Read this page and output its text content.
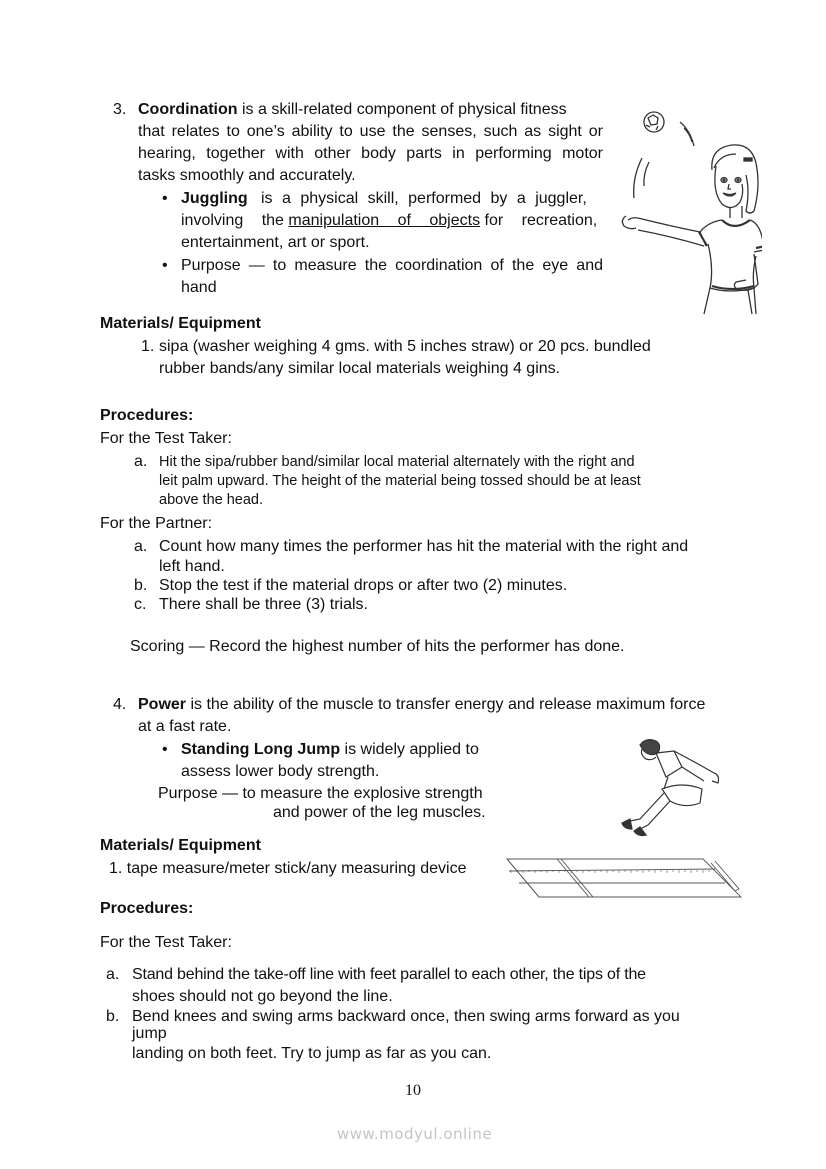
3. Coordination is a skill-related component of physical fitness
that relates to one’s ability to use the senses, such as sight or
hearing, together with other body parts in performing motor
tasks smoothly and accurately.
• Juggling is a physical skill, performed by a juggler,
involving the manipulation of objects for recreation,
entertainment, art or sport.
• Purpose — to measure the coordination of the eye and
hand
Materials/ Equipment
1. sipa (washer weighing 4 gms. with 5 inches straw) or 20 pcs. bundled
rubber bands/any similar local materials weighing 4 gins.
Procedures:
For the Test Taker:
a. Hit the sipa/rubber band/similar local material alternately with the right and
leit palm upward. The height of the material being tossed should be at least
above the head.
For the Partner:
a. Count how many times the performer has hit the material with the right and
left hand.
b. Stop the test if the material drops or after two (2) minutes.
c. There shall be three (3) trials.
Scoring — Record the highest number of hits the performer has done.
4. Power is the ability of the muscle to transfer energy and release maximum force
at a fast rate.
• Standing Long Jump is widely applied to
assess lower body strength.
Purpose — to measure the explosive strength
and power of the leg muscles.
Materials/ Equipment
1. tape measure/meter stick/any measuring device
Procedures:
For the Test Taker:
a. Stand behind the take-off line with feet parallel to each other, the tips of the
shoes should not go beyond the line.
b. Bend knees and swing arms backward once, then swing arms forward as you
jump
landing on both feet. Try to jump as far as you can.
10
www.modyul.online
